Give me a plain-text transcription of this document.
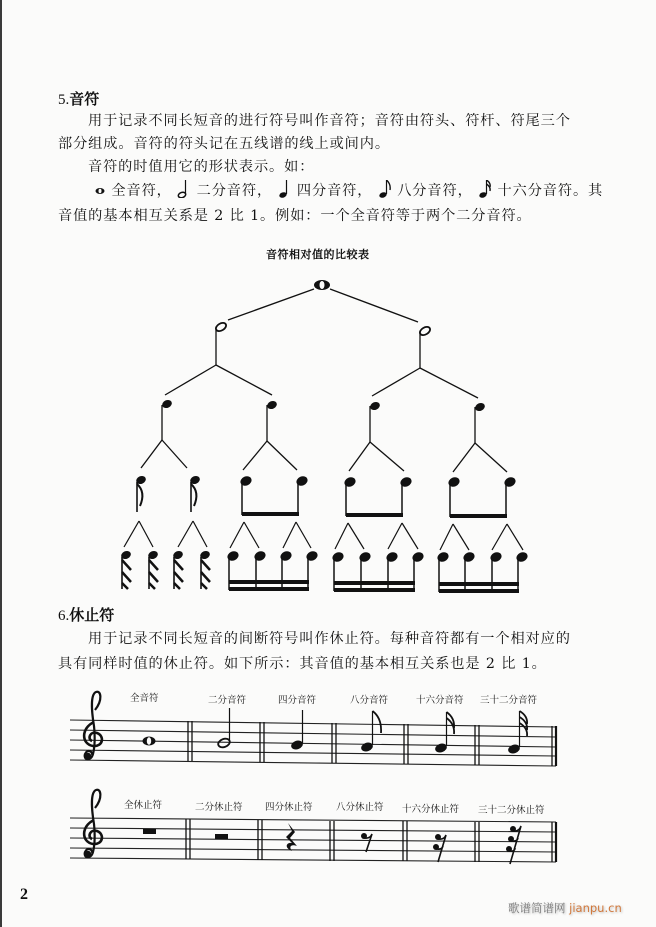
5.音符
用于记录不同长短音的进行符号叫作音符；音符由符头、符杆、符尾三个
部分组成。音符的符头记在五线谱的线上或间内。
音符的时值用它的形状表示。如：
全音符， 二分音符， 四分音符， 八分音符， 十六分音符。其
音值的基本相互关系是 2 比 1。例如：一个全音符等于两个二分音符。
音符相对值的比较表
6.休止符
用于记录不同长短音的间断符号叫作休止符。每种音符都有一个相对应的
具有同样时值的休止符。如下所示：其音值的基本相互关系也是 2 比 1。
全音符	二分音符	四分音符	八分音符	十六分音符 三十二分音符
全休止符	二分休止符 四分休止符 八分休止符 十六分休止符 三十二分休止符
2
歌谱简谱网 jianpu.cn
